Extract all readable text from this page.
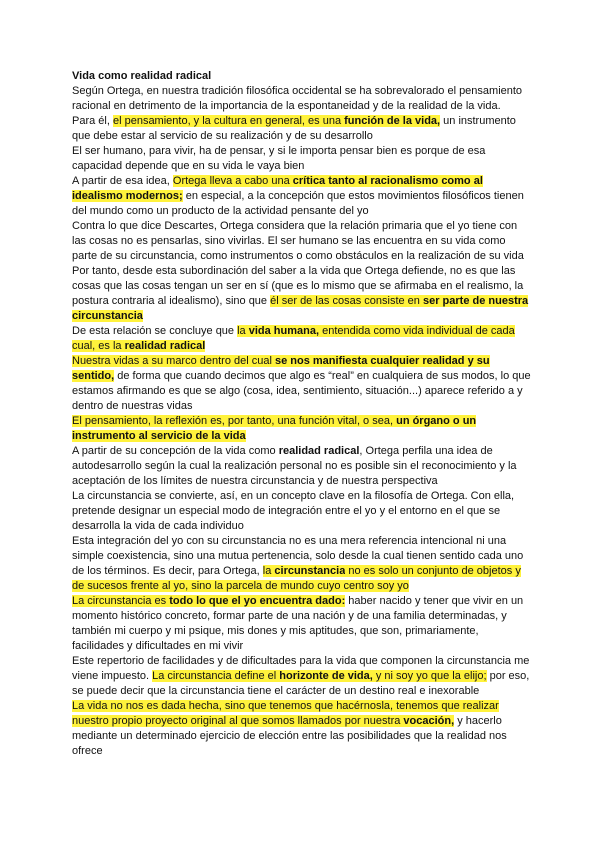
Vida como realidad radical

Según Ortega, en nuestra tradición filosófica occidental se ha sobrevalorado el pensamiento racional en detrimento de la importancia de la espontaneidad y de la realidad de la vida.

Para él, el pensamiento, y la cultura en general, es una función de la vida, un instrumento que debe estar al servicio de su realización y de su desarrollo

El ser humano, para vivir, ha de pensar, y si le importa pensar bien es porque de esa capacidad depende que en su vida le vaya bien

A partir de esa idea, Ortega lleva a cabo una crítica tanto al racionalismo como al idealismo modernos; en especial, a la concepción que estos movimientos filosóficos tienen del mundo como un producto de la actividad pensante del yo

Contra lo que dice Descartes, Ortega considera que la relación primaria que el yo tiene con las cosas no es pensarlas, sino vivirlas. El ser humano se las encuentra en su vida como parte de su circunstancia, como instrumentos o como obstáculos en la realización de su vida

Por tanto, desde esta subordinación del saber a la vida que Ortega defiende, no es que las cosas que las cosas tengan un ser en sí (que es lo mismo que se afirmaba en el realismo, la postura contraria al idealismo), sino que él ser de las cosas consiste en ser parte de nuestra circunstancia

De esta relación se concluye que la vida humana, entendida como vida individual de cada cual, es la realidad radical

Nuestra vidas a su marco dentro del cual se nos manifiesta cualquier realidad y su sentido, de forma que cuando decimos que algo es “real” en cualquiera de sus modos, lo que estamos afirmando es que se algo (cosa, idea, sentimiento, situación...) aparece referido a y dentro de nuestras vidas

El pensamiento, la reflexión es, por tanto, una función vital, o sea, un órgano o un instrumento al servicio de la vida

A partir de su concepción de la vida como realidad radical, Ortega perfila una idea de autodesarrollo según la cual la realización personal no es posible sin el reconocimiento y la aceptación de los límites de nuestra circunstancia y de nuestra perspectiva

La circunstancia se convierte, así, en un concepto clave en la filosofía de Ortega. Con ella, pretende designar un especial modo de integración entre el yo y el entorno en el que se desarrolla la vida de cada individuo

Esta integración del yo con su circunstancia no es una mera referencia intencional ni una simple coexistencia, sino una mutua pertenencia, solo desde la cual tienen sentido cada uno de los términos. Es decir, para Ortega, la circunstancia no es solo un conjunto de objetos y de sucesos frente al yo, sino la parcela de mundo cuyo centro soy yo

La circunstancia es todo lo que el yo encuentra dado: haber nacido y tener que vivir en un momento histórico concreto, formar parte de una nación y de una familia determinadas, y también mi cuerpo y mi psique, mis dones y mis aptitudes, que son, primariamente, facilidades y dificultades en mi vivir

Este repertorio de facilidades y de dificultades para la vida que componen la circunstancia me viene impuesto. La circunstancia define el horizonte de vida, y ni soy yo que la elijo; por eso, se puede decir que la circunstancia tiene el carácter de un destino real e inexorable

La vida no nos es dada hecha, sino que tenemos que hacérnosla, tenemos que realizar nuestro propio proyecto original al que somos llamados por nuestra vocación, y hacerlo mediante un determinado ejercicio de elección entre las posibilidades que la realidad nos ofrece
